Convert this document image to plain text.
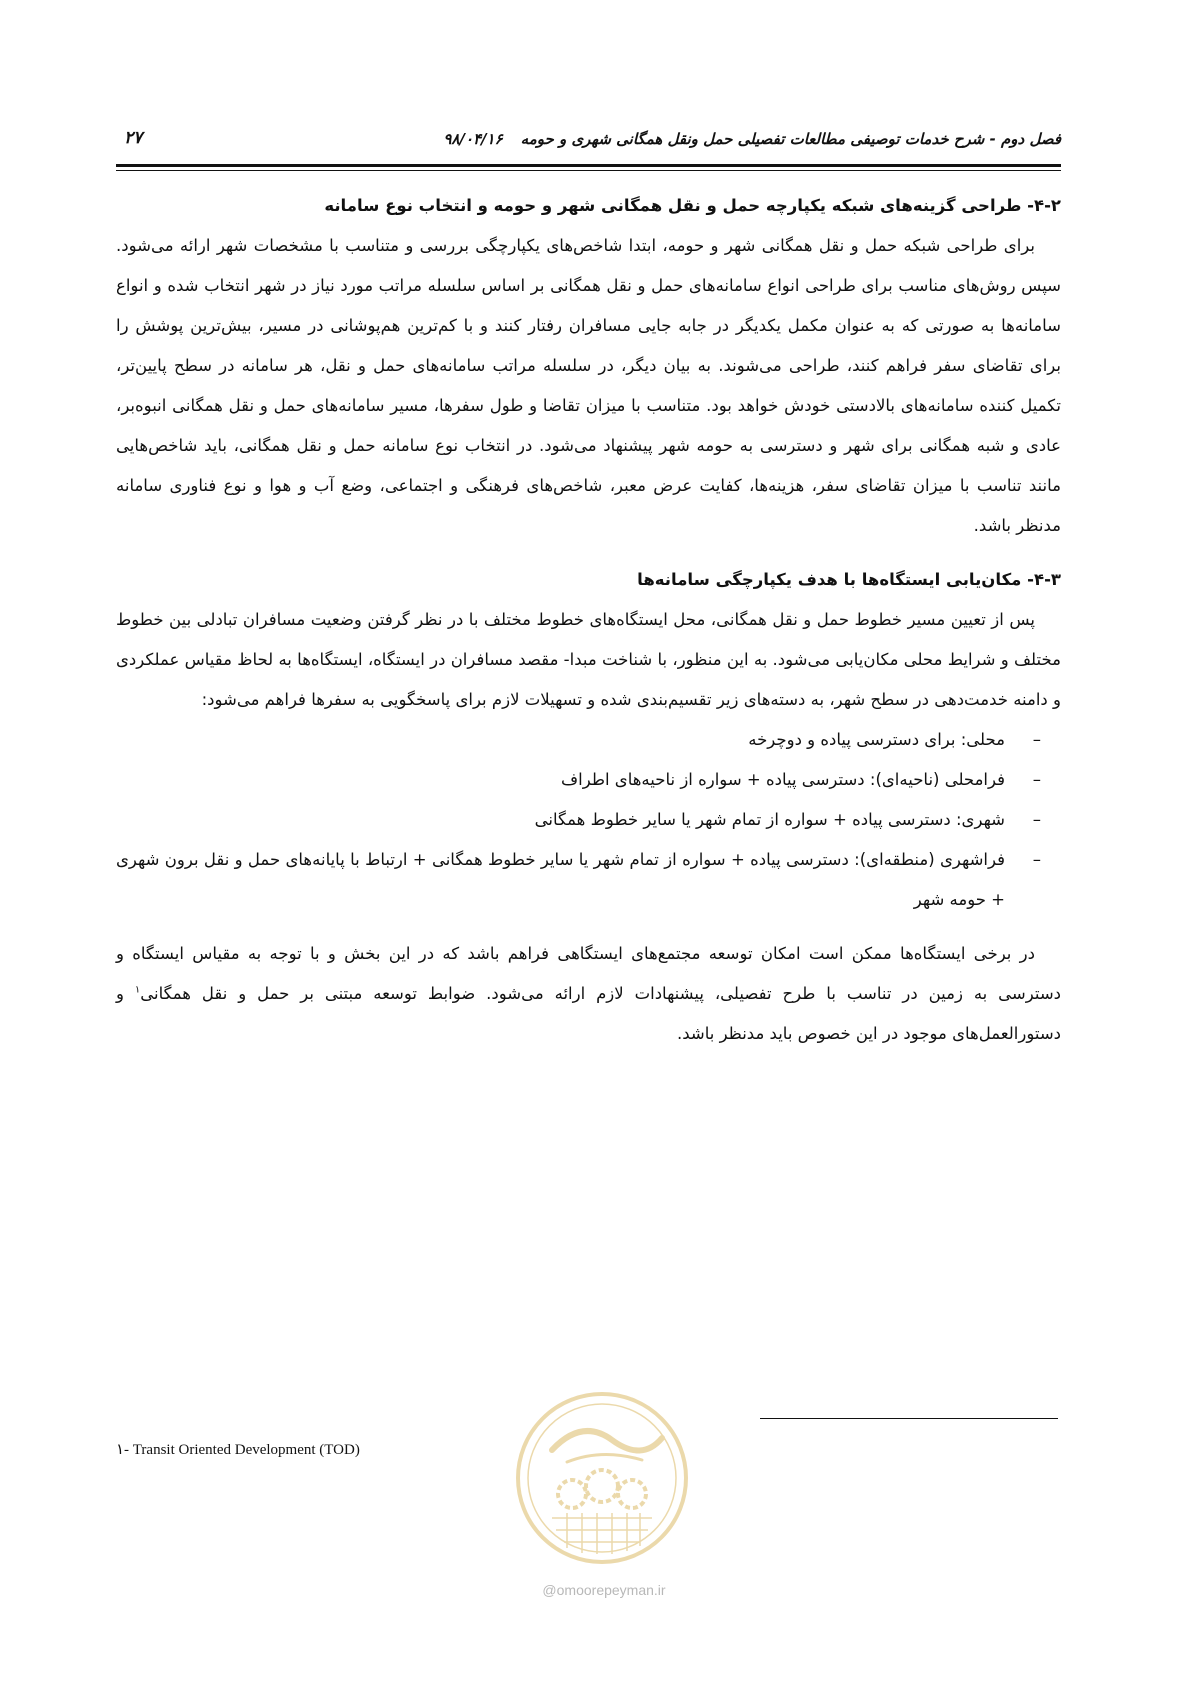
فصل دوم - شرح خدمات توصیفی مطالعات تفصیلی حمل ونقل همگانی شهری و حومه۹۸/۰۴/۱۶
۲۷
۴-۲- طراحی گزینه‌های شبکه یکپارچه حمل و نقل همگانی شهر و حومه و انتخاب نوع سامانه

برای طراحی شبکه حمل و نقل همگانی شهر و حومه، ابتدا شاخص‌های یکپارچگی بررسی و متناسب با مشخصات شهر ارائه می‌شود. سپس روش‌های مناسب برای طراحی انواع سامانه‌های حمل و نقل همگانی بر اساس سلسله مراتب مورد نیاز در شهر انتخاب شده و انواع سامانه‌ها به صورتی که به عنوان مکمل یکدیگر در جابه جایی مسافران رفتار کنند و با کم‌ترین هم‌پوشانی در مسیر، بیش‌ترین پوشش را برای تقاضای سفر فراهم کنند، طراحی می‌شوند. به بیان دیگر، در سلسله مراتب سامانه‌های حمل و نقل، هر سامانه در سطح پایین‌تر، تکمیل کننده سامانه‌های بالادستی خودش خواهد بود. متناسب با میزان تقاضا و طول سفرها، مسیر سامانه‌های حمل و نقل همگانی انبوه‌بر، عادی و شبه همگانی برای شهر و دسترسی به حومه شهر پیشنهاد می‌شود. در انتخاب نوع سامانه حمل و نقل همگانی، باید شاخص‌هایی مانند تناسب با میزان تقاضای سفر، هزینه‌ها، کفایت عرض معبر، شاخص‌های فرهنگی و اجتماعی، وضع آب و هوا و نوع فناوری سامانه مدنظر باشد.

۴-۳- مکان‌یابی ایستگاه‌ها با هدف یکپارچگی سامانه‌ها

پس از تعیین مسیر خطوط حمل و نقل همگانی، محل ایستگاه‌های خطوط مختلف با در نظر گرفتن وضعیت مسافران تبادلی بین خطوط مختلف و شرایط محلی مکان‌یابی می‌شود. به این منظور، با شناخت مبدا- مقصد مسافران در ایستگاه، ایستگاه‌ها به لحاظ مقیاس عملکردی و دامنه خدمت‌دهی در سطح شهر، به دسته‌های زیر تقسیم‌بندی شده و تسهیلات لازم برای پاسخگویی به سفرها فراهم می‌شود:

–
محلی: برای دسترسی پیاده و دوچرخه
–
فرامحلی (ناحیه‌ای): دسترسی پیاده + سواره از ناحیه‌های اطراف
–
شهری: دسترسی پیاده + سواره از تمام شهر یا سایر خطوط همگانی
–
فراشهری (منطقه‌ای): دسترسی پیاده + سواره از تمام شهر یا سایر خطوط همگانی + ارتباط با پایانه‌های حمل و نقل برون شهری + حومه شهر

در برخی ایستگاه‌ها ممکن است امکان توسعه مجتمع‌های ایستگاهی فراهم باشد که در این بخش و با توجه به مقیاس ایستگاه و دسترسی به زمین در تناسب با طرح تفصیلی، پیشنهادات لازم ارائه می‌شود. ضوابط توسعه مبتنی بر حمل و نقل همگانی$^۱$ و دستورالعمل‌های موجود در این خصوص باید مدنظر باشد.

۱- Transit Oriented Development (TOD)
@omoorepeyman.ir
